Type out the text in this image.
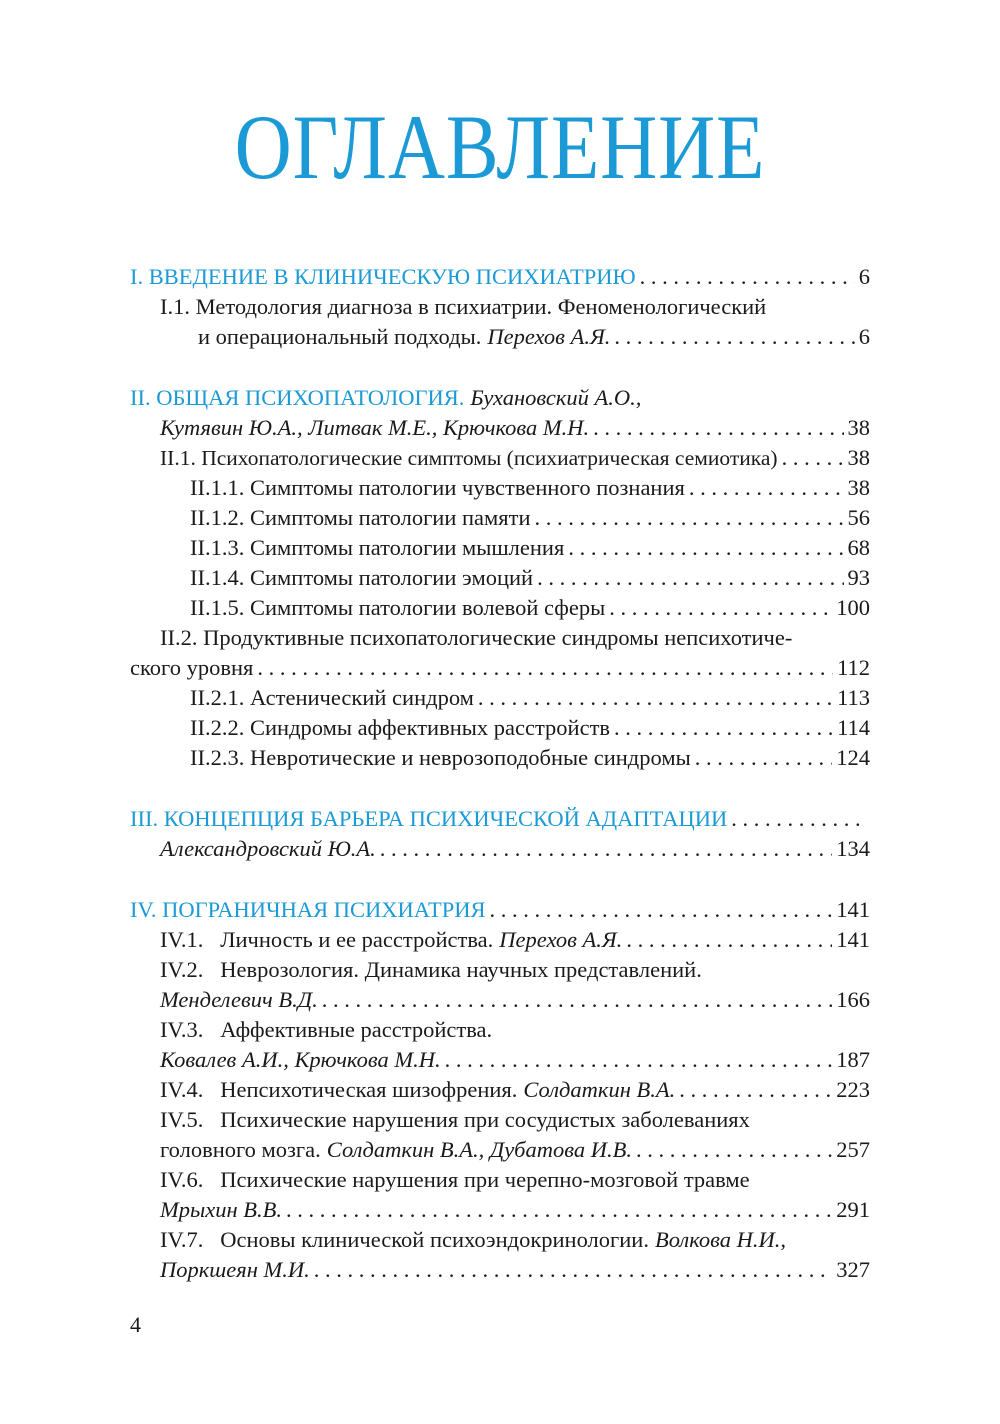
ОГЛАВЛЕНИЕ
I. ВВЕДЕНИЕ В КЛИНИЧЕСКУЮ ПСИХИАТРИЮ . . .	6
I.1. Методология диагноза в психиатрии. Феноменологический
и операциональный подходы. Перехов А.Я. . . .	6
II. ОБЩАЯ ПСИХОПАТОЛОГИЯ. Бухановский А.О.,
Кутявин Ю.А., Литвак М.Е., Крючкова М.Н. . . .	38
II.1. Психопатологические симптомы (психиатрическая семиотика) . . .	38
II.1.1. Симптомы патологии чувственного познания . . .	38
II.1.2. Симптомы патологии памяти . . .	56
II.1.3. Симптомы патологии мышления . . .	68
II.1.4. Симптомы патологии эмоций . . .	93
II.1.5. Симптомы патологии волевой сферы . . .	100
II.2. Продуктивные психопатологические синдромы непсихотиче-
ского уровня . . .	112
II.2.1. Астенический синдром . . .	113
II.2.2. Синдромы аффективных расстройств . . .	114
II.2.3. Невротические и неврозоподобные синдромы . . .	124
III. КОНЦЕПЦИЯ БАРЬЕРА ПСИХИЧЕСКОЙ АДАПТАЦИИ
. . .
Александровский Ю.А. . . .	134
IV. ПОГРАНИЧНАЯ ПСИХИАТРИЯ . . .	141
IV.1.   Личность и ее расстройства. Перехов А.Я. . . .	141
IV.2.   Неврозология. Динамика научных представлений.
Менделевич В.Д. . . .	166
IV.3.   Аффективные расстройства.
Ковалев А.И., Крючкова М.Н. . . .	187
IV.4.   Непсихотическая шизофрения. Солдаткин В.А. . . .	223
IV.5.   Психические нарушения при сосудистых заболеваниях
головного мозга. Солдаткин В.А., Дубатова И.В. . . .	257
IV.6.   Психические нарушения при черепно-мозговой травме
Мрыхин В.В. . . .	291
IV.7.   Основы клинической психоэндокринологии. Волкова Н.И.,
Поркшеян М.И. . . .	327
4
